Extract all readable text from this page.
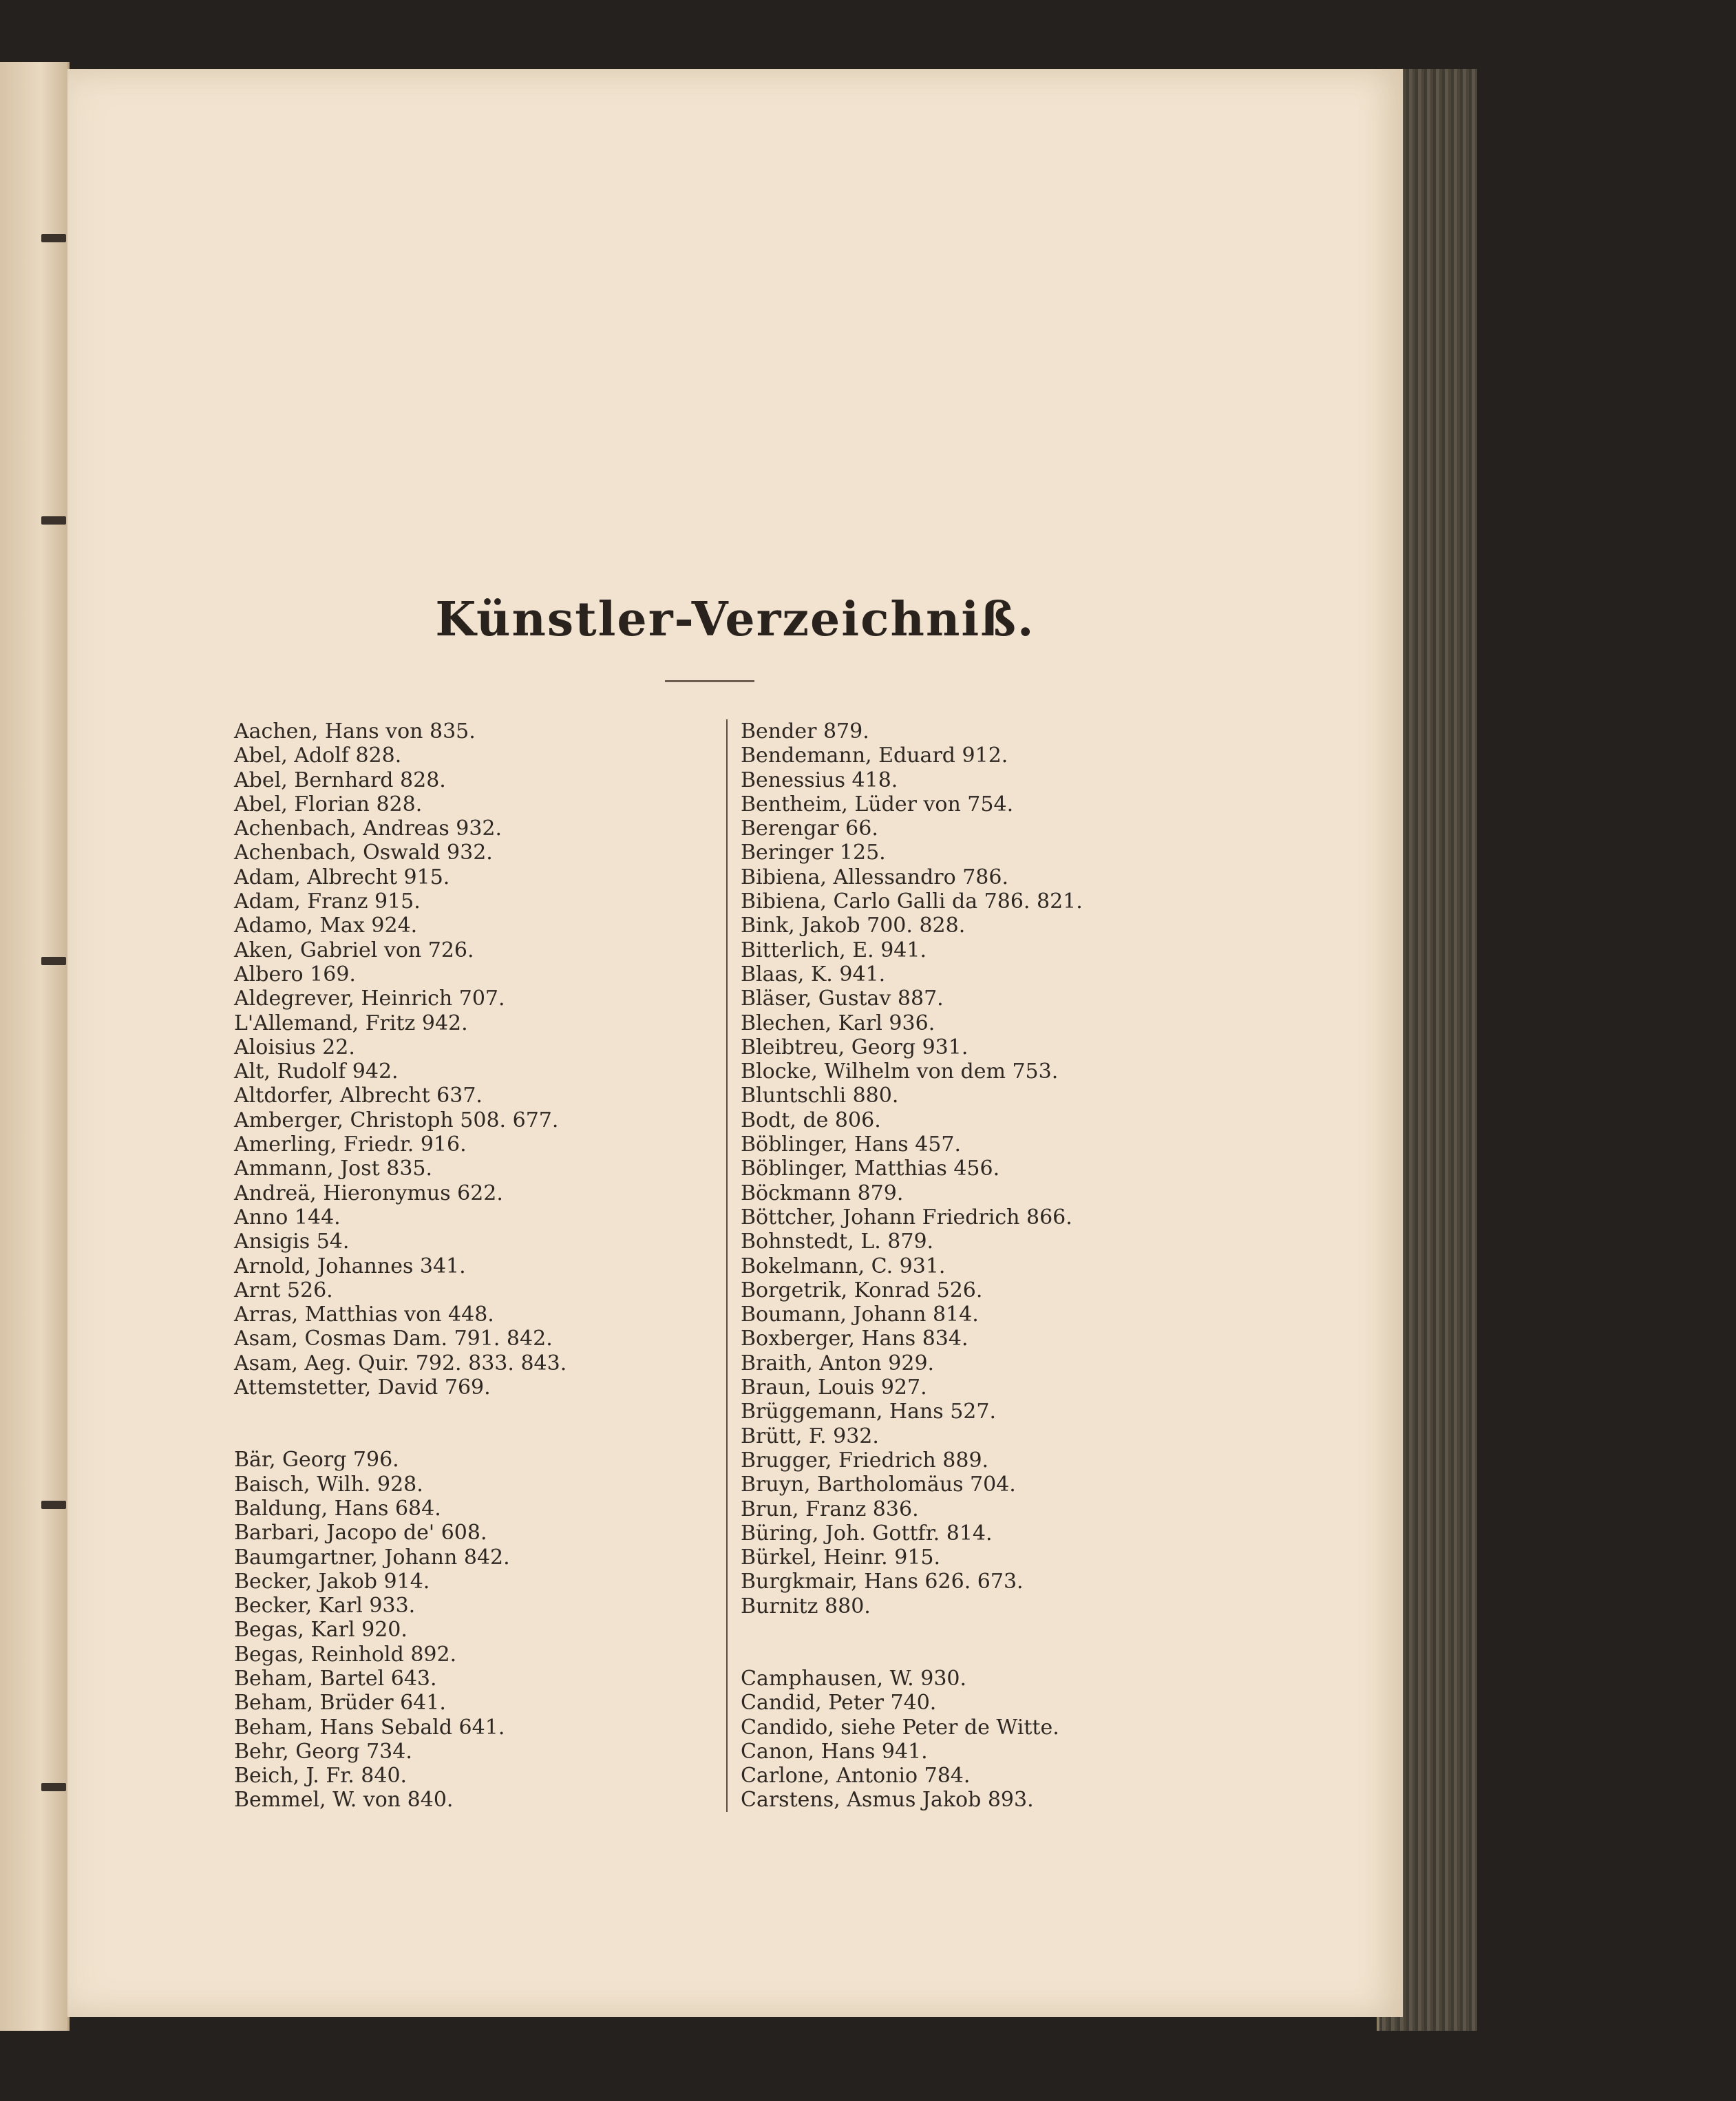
Künstler-Verzeichniß.
Aachen, Hans von 835.
Abel, Adolf 828.
Abel, Bernhard 828.
Abel, Florian 828.
Achenbach, Andreas 932.
Achenbach, Oswald 932.
Adam, Albrecht 915.
Adam, Franz 915.
Adamo, Max 924.
Aken, Gabriel von 726.
Albero 169.
Aldegrever, Heinrich 707.
L'Allemand, Fritz 942.
Aloisius 22.
Alt, Rudolf 942.
Altdorfer, Albrecht 637.
Amberger, Christoph 508. 677.
Amerling, Friedr. 916.
Ammann, Jost 835.
Andreä, Hieronymus 622.
Anno 144.
Ansigis 54.
Arnold, Johannes 341.
Arnt 526.
Arras, Matthias von 448.
Asam, Cosmas Dam. 791. 842.
Asam, Aeg. Quir. 792. 833. 843.
Attemstetter, David 769.
Bär, Georg 796.
Baisch, Wilh. 928.
Baldung, Hans 684.
Barbari, Jacopo de' 608.
Baumgartner, Johann 842.
Becker, Jakob 914.
Becker, Karl 933.
Begas, Karl 920.
Begas, Reinhold 892.
Beham, Bartel 643.
Beham, Brüder 641.
Beham, Hans Sebald 641.
Behr, Georg 734.
Beich, J. Fr. 840.
Bemmel, W. von 840.
Bender 879.
Bendemann, Eduard 912.
Benessius 418.
Bentheim, Lüder von 754.
Berengar 66.
Beringer 125.
Bibiena, Allessandro 786.
Bibiena, Carlo Galli da 786. 821.
Bink, Jakob 700. 828.
Bitterlich, E. 941.
Blaas, K. 941.
Bläser, Gustav 887.
Blechen, Karl 936.
Bleibtreu, Georg 931.
Blocke, Wilhelm von dem 753.
Bluntschli 880.
Bodt, de 806.
Böblinger, Hans 457.
Böblinger, Matthias 456.
Böckmann 879.
Böttcher, Johann Friedrich 866.
Bohnstedt, L. 879.
Bokelmann, C. 931.
Borgetrik, Konrad 526.
Boumann, Johann 814.
Boxberger, Hans 834.
Braith, Anton 929.
Braun, Louis 927.
Brüggemann, Hans 527.
Brütt, F. 932.
Brugger, Friedrich 889.
Bruyn, Bartholomäus 704.
Brun, Franz 836.
Büring, Joh. Gottfr. 814.
Bürkel, Heinr. 915.
Burgkmair, Hans 626. 673.
Burnitz 880.
Camphausen, W. 930.
Candid, Peter 740.
Candido, siehe Peter de Witte.
Canon, Hans 941.
Carlone, Antonio 784.
Carstens, Asmus Jakob 893.
